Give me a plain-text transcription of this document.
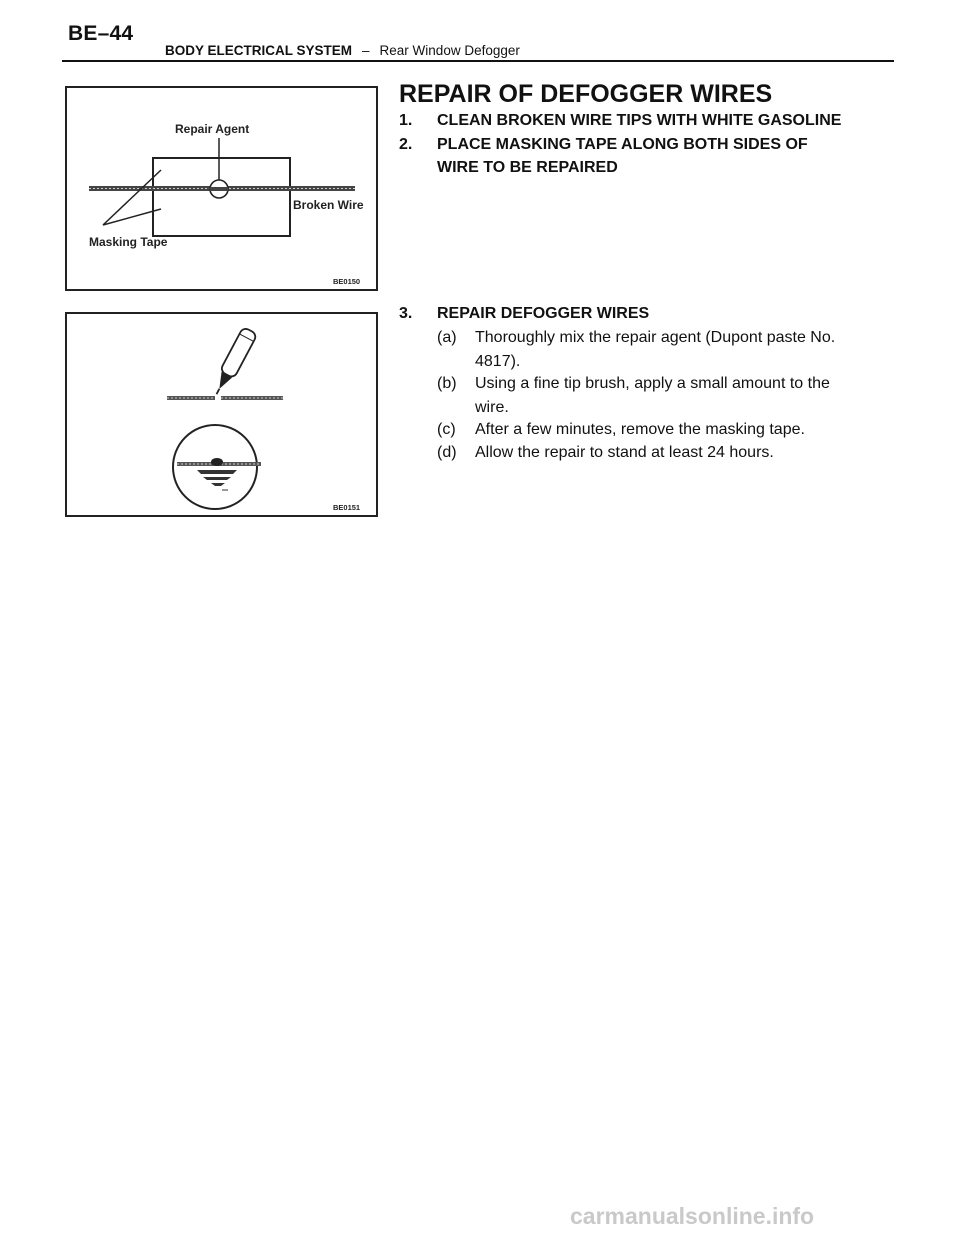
BE–44
BODY ELECTRICAL SYSTEM – Rear Window Defogger
Repair Agent
Broken Wire
Masking Tape
BE0150
BE0151
REPAIR OF DEFOGGER WIRES
1. CLEAN BROKEN WIRE TIPS WITH WHITE GASOLINE
2. PLACE MASKING TAPE ALONG BOTH SIDES OF
WIRE TO BE REPAIRED
3. REPAIR DEFOGGER WIRES
(a) Thoroughly mix the repair agent (Dupont paste No.
4817).
(b) Using a fine tip brush, apply a small amount to the
wire.
(c) After a few minutes, remove the masking tape.
(d) Allow the repair to stand at least 24 hours.
carmanualsonline.info
